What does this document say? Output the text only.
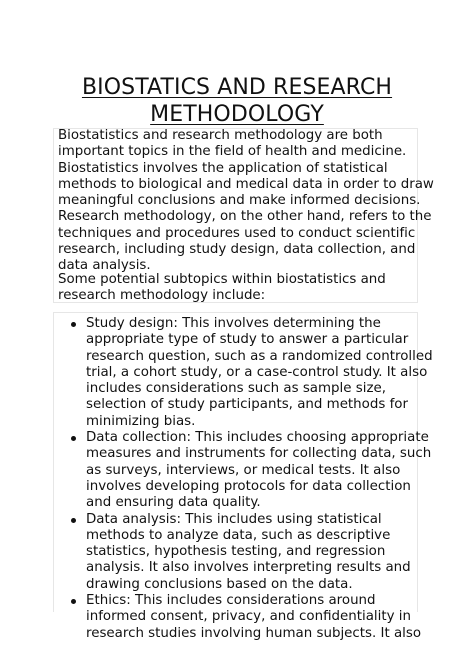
BIOSTATICS AND RESEARCH
METHODOLOGY

Biostatistics and research methodology are both
important topics in the field of health and medicine.
Biostatistics involves the application of statistical
methods to biological and medical data in order to draw
meaningful conclusions and make informed decisions.
Research methodology, on the other hand, refers to the
techniques and procedures used to conduct scientific
research, including study design, data collection, and
data analysis.

Some potential subtopics within biostatistics and
research methodology include:

Study design: This involves determining the
appropriate type of study to answer a particular
research question, such as a randomized controlled
trial, a cohort study, or a case-control study. It also
includes considerations such as sample size,
selection of study participants, and methods for
minimizing bias.
Data collection: This includes choosing appropriate
measures and instruments for collecting data, such
as surveys, interviews, or medical tests. It also
involves developing protocols for data collection
and ensuring data quality.
Data analysis: This includes using statistical
methods to analyze data, such as descriptive
statistics, hypothesis testing, and regression
analysis. It also involves interpreting results and
drawing conclusions based on the data.
Ethics: This includes considerations around
informed consent, privacy, and confidentiality in
research studies involving human subjects. It also
